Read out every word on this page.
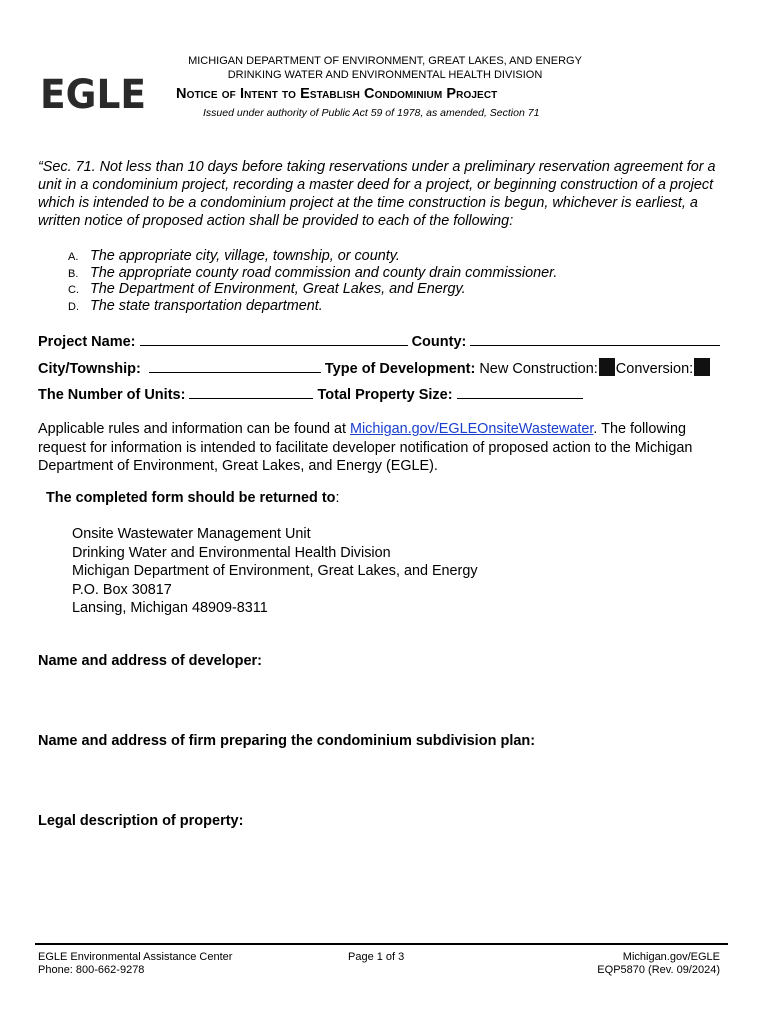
EGLE
MICHIGAN DEPARTMENT OF ENVIRONMENT, GREAT LAKES, AND ENERGY
DRINKING WATER AND ENVIRONMENTAL HEALTH DIVISION
Notice of Intent to Establish Condominium Project
Issued under authority of Public Act 59 of 1978, as amended, Section 71
“Sec. 71. Not less than 10 days before taking reservations under a preliminary reservation agreement for a unit in a condominium project, recording a master deed for a project, or beginning construction of a project which is intended to be a condominium project at the time construction is begun, whichever is earliest, a written notice of proposed action shall be provided to each of the following:
A. The appropriate city, village, township, or county.
B. The appropriate county road commission and county drain commissioner.
C. The Department of Environment, Great Lakes, and Energy.
D. The state transportation department.
Project Name:	County:
City/Township:	Type of Development: New Construction: Conversion:
The Number of Units:	Total Property Size:
Applicable rules and information can be found at Michigan.gov/EGLEOnsiteWastewater. The following request for information is intended to facilitate developer notification of proposed action to the Michigan Department of Environment, Great Lakes, and Energy (EGLE).
The completed form should be returned to:
Onsite Wastewater Management Unit
Drinking Water and Environmental Health Division
Michigan Department of Environment, Great Lakes, and Energy
P.O. Box 30817
Lansing, Michigan 48909-8311
Name and address of developer:
Name and address of firm preparing the condominium subdivision plan:
Legal description of property:
EGLE Environmental Assistance Center
Phone: 800-662-9278
Page 1 of 3	Michigan.gov/EGLE
EQP5870 (Rev. 09/2024)
